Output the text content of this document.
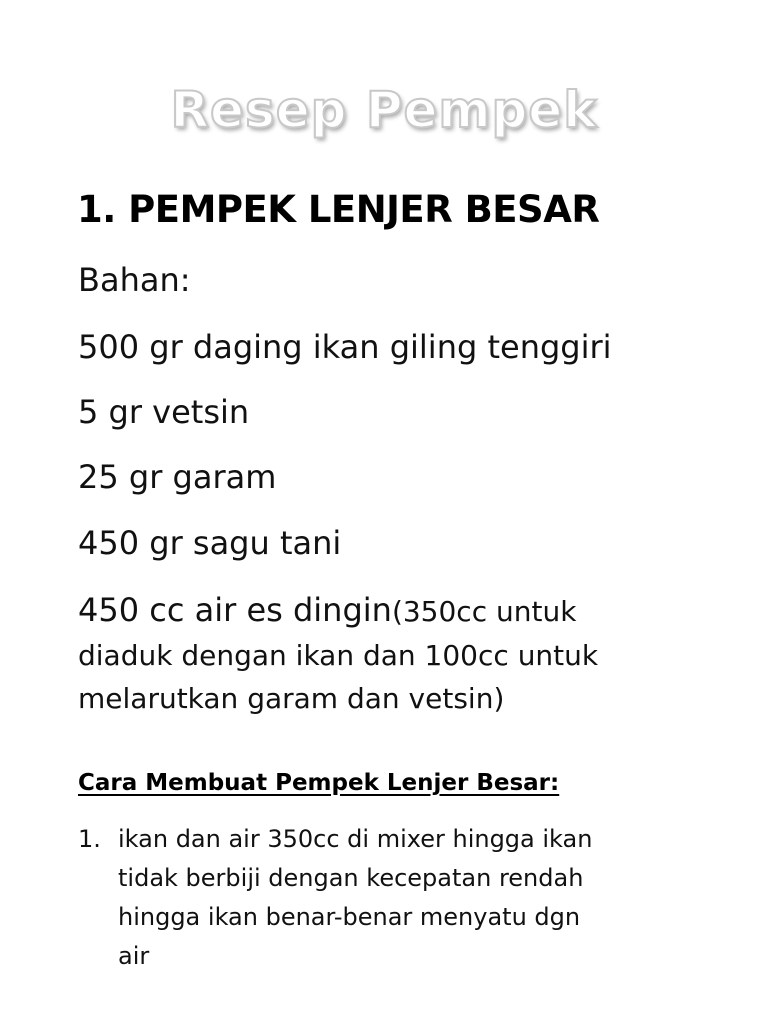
Resep Pempek
1. PEMPEK LENJER BESAR

Bahan:

500 gr daging ikan giling tenggiri

5 gr vetsin

25 gr garam

450 gr sagu tani

450 cc air es dingin(350cc untuk

diaduk dengan ikan dan 100cc untuk

melarutkan garam dan vetsin)

Cara Membuat Pempek Lenjer Besar:
1. ikan dan air 350cc di mixer hingga ikan
tidak berbiji dengan kecepatan rendah
hingga ikan benar-benar menyatu dgn
air
